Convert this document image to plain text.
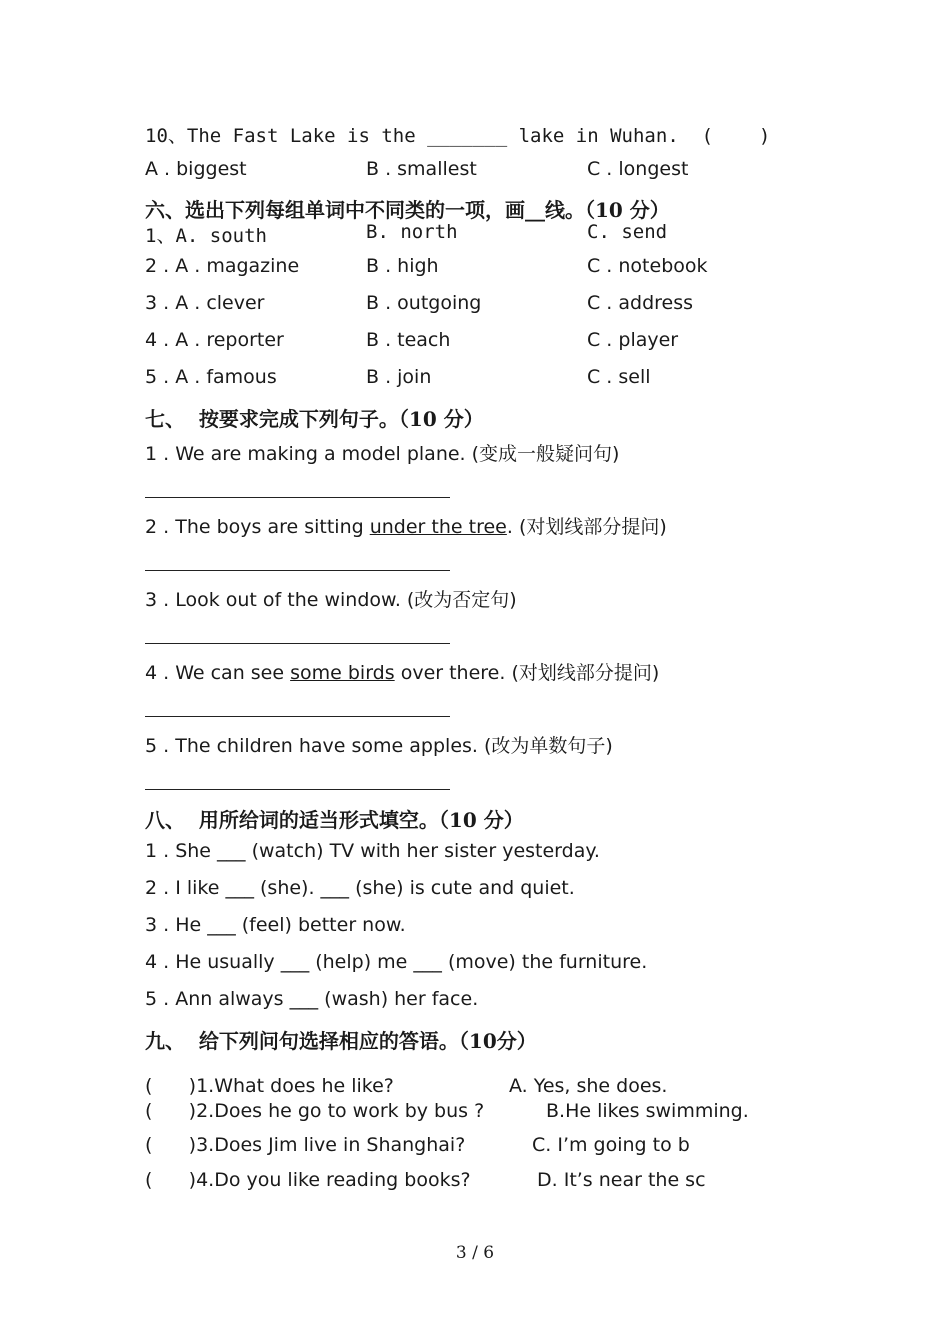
10、The Fast Lake is the _______ lake in Wuhan.  (    )
A . biggest	B . smallest	C . longest
六、选出下列每组单词中不同类的一项，画__线。（10 分）
1、A. south	B. north	C. send
2 . A . magazine	B . high	C . notebook
3 . A . clever	B . outgoing	C . address
4 . A . reporter	B . teach	C . player
5 . A . famous	B . join	C . sell
七、  按要求完成下列句子。（10 分）
1 . We are making a model plane. (变成一般疑问句)
2 . The boys are sitting under the tree. (对划线部分提问)
3 . Look out of the window. (改为否定句)
4 . We can see some birds over there. (对划线部分提问)
5 . The children have some apples. (改为单数句子)
八、  用所给词的适当形式填空。（10 分）
1 . She ___ (watch) TV with her sister yesterday.
2 . I like ___ (she). ___ (she) is cute and quiet.
3 . He ___ (feel) better now.
4 . He usually ___ (help) me ___ (move) the furniture.
5 . Ann always ___ (wash) her face.
九、  给下列问句选择相应的答语。（10分）
(      )1.What does he like?	A. Yes, she does.
(      )2.Does he go to work by bus ?	B.He likes swimming.
(      )3.Does Jim live in Shanghai?	C. I’m going to b
(      )4.Do you like reading books?	D. It’s near the sc
3 / 6
